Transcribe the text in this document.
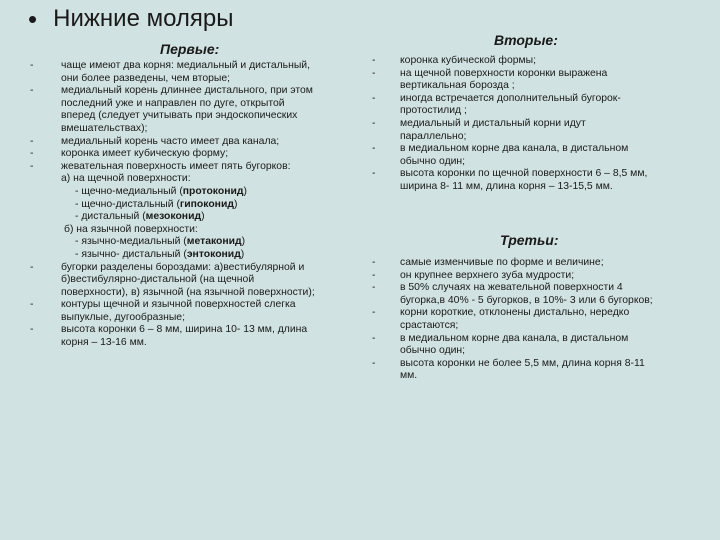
• Нижние моляры
Первые:
-	чаще имеют два корня: медиальный и дистальный,
они более разведены, чем вторые;
-	медиальный корень длиннее дистального, при этом
последний уже и направлен по дуге, открытой
вперед (следует учитывать при эндоскопических
вмешательствах);
-	медиальный корень часто имеет два канала;
-	коронка имеет кубическую форму;
-	жевательная поверхность имеет пять бугорков:
а) на щечной поверхности:
- щечно-медиальный (протоконид)
- щечно-дистальный (гипоконид)
- дистальный (мезоконид)
б) на язычной поверхности:
- язычно-медиальный (метаконид)
- язычно- дистальный (энтоконид)
-	бугорки разделены бороздами: а)вестибулярной и
б)вестибулярно-дистальной (на щечной
поверхности), в) язычной (на язычной поверхности);
-	контуры щечной и язычной поверхностей слегка
выпуклые, дугообразные;
-	высота коронки 6 – 8 мм, ширина 10- 13 мм, длина
корня – 13-16 мм.
Вторые:
- коронка кубической формы;
- на щечной поверхности коронки выражена
вертикальная борозда ;
- иногда встречается дополнительный бугорок-
протостилид ;
- медиальный и дистальный корни идут
параллельно;
- в медиальном корне два канала, в дистальном
обычно один;
- высота коронки по щечной поверхности 6 – 8,5 мм,
ширина 8- 11 мм, длина корня – 13-15,5 мм.
Третьи:
- самые изменчивые по форме и величине;
- он крупнее верхнего зуба мудрости;
- в 50% случаях на жевательной поверхности 4
бугорка,в 40% - 5 бугорков, в 10%- 3 или 6 бугорков;
- корни короткие, отклонены дистально, нередко
срастаются;
- в медиальном корне два канала, в дистальном
обычно один;
- высота коронки не более 5,5 мм, длина корня 8-11
мм.
